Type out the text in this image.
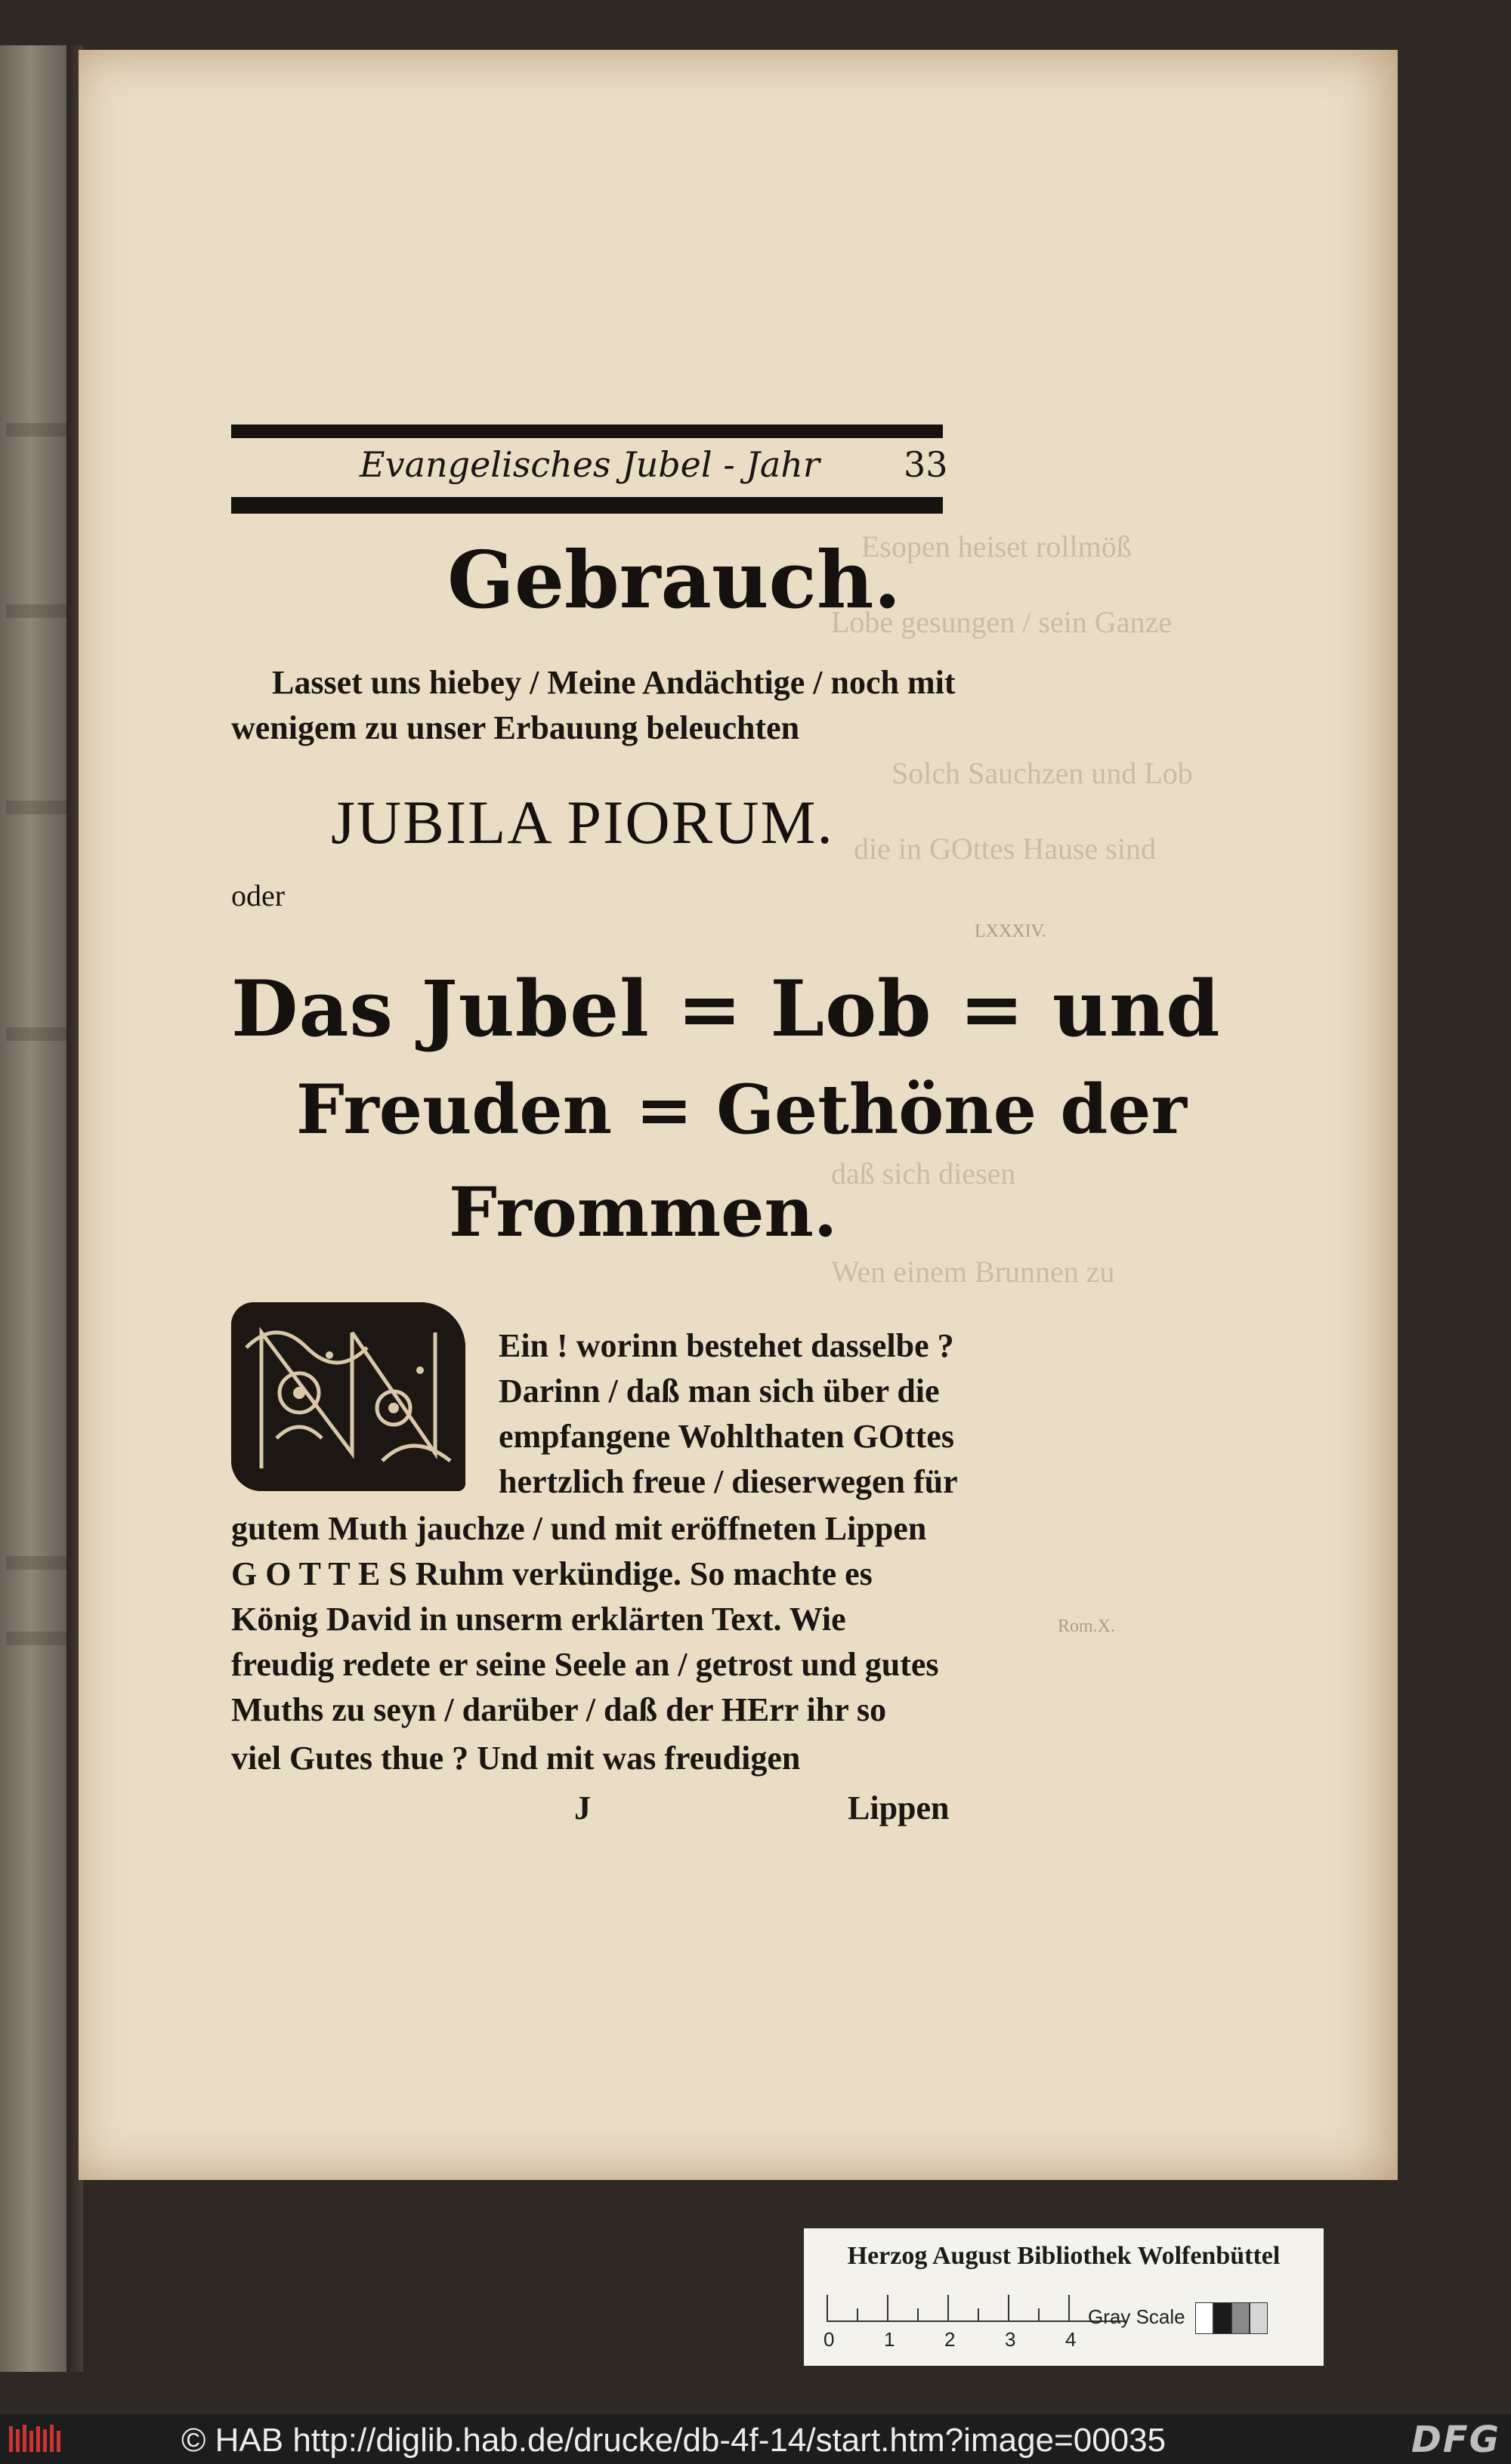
Esopen heiset rollmöß
Lobe gesungen / sein Ganze
Solch Sauchzen und Lob
die in GOttes Hause sind
daß sich diesen
Wen einem Brunnen zu
LXXXIV.
Rom.X.
Evangelisches Jubel - Jahr 33
Gebrauch.
Lasset uns hiebey / Meine Andächtige / noch mit
wenigem zu unser Erbauung beleuchten
JUBILA PIORUM.
oder
Das Jubel = Lob = und
Freuden = Gethöne der
Frommen.
Ein ! worinn bestehet dasselbe ?
Darinn / daß man sich über die
empfangene Wohlthaten GOttes
hertzlich freue / dieserwegen für
gutem Muth jauchze / und mit eröffneten Lippen
G O T T E S Ruhm verkündige. So machte es
König David in unserm erklärten Text. Wie
freudig redete er seine Seele an / getrost und gutes
Muths zu seyn / darüber / daß der HErr ihr so
viel Gutes thue ? Und mit was freudigen
J	Lippen
Herzog August Bibliothek Wolfenbüttel
0	1	2	3	4
Gray Scale
© HAB http://diglib.hab.de/drucke/db-4f-14/start.htm?image=00035	DFG
